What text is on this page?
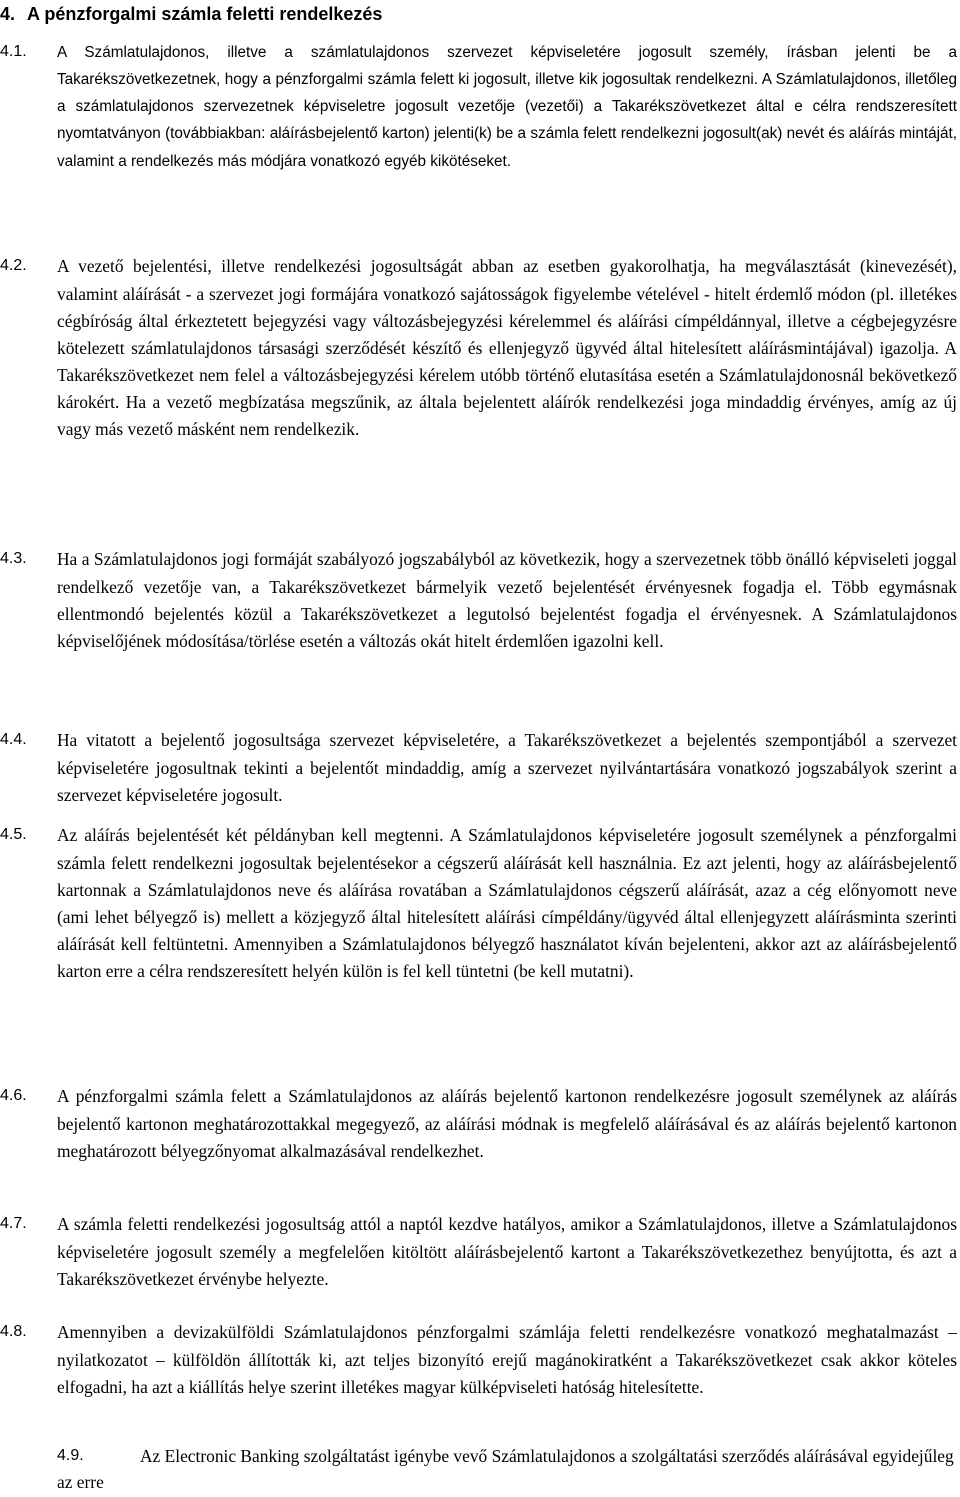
4. A pénzforgalmi számla feletti rendelkezés
4.1. A Számlatulajdonos, illetve a számlatulajdonos szervezet képviseletére jogosult személy, írásban jelenti be a Takarékszövetkezetnek, hogy a pénzforgalmi számla felett ki jogosult, illetve kik jogosultak rendelkezni. A Számlatulajdonos, illetőleg a számlatulajdonos szervezetnek képviseletre jogosult vezetője (vezetői) a Takarékszövetkezet által e célra rendszeresített nyomtatványon (továbbiakban: aláírásbejelentő karton) jelenti(k) be a számla felett rendelkezni jogosult(ak) nevét és aláírás mintáját, valamint a rendelkezés más módjára vonatkozó egyéb kikötéseket.
4.2. A vezető bejelentési, illetve rendelkezési jogosultságát abban az esetben gyakorolhatja, ha megválasztását (kinevezését), valamint aláírását - a szervezet jogi formájára vonatkozó sajátosságok figyelembe vételével - hitelt érdemlő módon (pl. illetékes cégbíróság által érkeztetett bejegyzési vagy változásbejegyzési kérelemmel és aláírási címpéldánnyal, illetve a cégbejegyzésre kötelezett számlatulajdonos társasági szerződését készítő és ellenjegyző ügyvéd által hitelesített aláírásmintájával) igazolja. A Takarékszövetkezet nem felel a változásbejegyzési kérelem utóbb történő elutasítása esetén a Számlatulajdonosnál bekövetkező károkért. Ha a vezető megbízatása megszűnik, az általa bejelentett aláírók rendelkezési joga mindaddig érvényes, amíg az új vagy más vezető másként nem rendelkezik.
4.3. Ha a Számlatulajdonos jogi formáját szabályozó jogszabályból az következik, hogy a szervezetnek több önálló képviseleti joggal rendelkező vezetője van, a Takarékszövetkezet bármelyik vezető bejelentését érvényesnek fogadja el. Több egymásnak ellentmondó bejelentés közül a Takarékszövetkezet a legutolsó bejelentést fogadja el érvényesnek. A Számlatulajdonos képviselőjének módosítása/törlése esetén a változás okát hitelt érdemlően igazolni kell.
4.4. Ha vitatott a bejelentő jogosultsága szervezet képviseletére, a Takarékszövetkezet a bejelentés szempontjából a szervezet képviseletére jogosultnak tekinti a bejelentőt mindaddig, amíg a szervezet nyilvántartására vonatkozó jogszabályok szerint a szervezet képviseletére jogosult.
4.5. Az aláírás bejelentését két példányban kell megtenni. A Számlatulajdonos képviseletére jogosult személynek a pénzforgalmi számla felett rendelkezni jogosultak bejelentésekor a cégszerű aláírását kell használnia. Ez azt jelenti, hogy az aláírásbejelentő kartonnak a Számlatulajdonos neve és aláírása rovatában a Számlatulajdonos cégszerű aláírását, azaz a cég előnyomott neve (ami lehet bélyegző is) mellett a közjegyző által hitelesített aláírási címpéldány/ügyvéd által ellenjegyzett aláírásminta szerinti aláírását kell feltüntetni. Amennyiben a Számlatulajdonos bélyegző használatot kíván bejelenteni, akkor azt az aláírásbejelentő karton erre a célra rendszeresített helyén külön is fel kell tüntetni (be kell mutatni).
4.6. A pénzforgalmi számla felett a Számlatulajdonos az aláírás bejelentő kartonon rendelkezésre jogosult személynek az aláírás bejelentő kartonon meghatározottakkal megegyező, az aláírási módnak is megfelelő aláírásával és az aláírás bejelentő kartonon meghatározott bélyegzőnyomat alkalmazásával rendelkezhet.
4.7. A számla feletti rendelkezési jogosultság attól a naptól kezdve hatályos, amikor a Számlatulajdonos, illetve a Számlatulajdonos képviseletére jogosult személy a megfelelően kitöltött aláírásbejelentő kartont a Takarékszövetkezethez benyújtotta, és azt a Takarékszövetkezet érvénybe helyezte.
4.8. Amennyiben a devizakülföldi Számlatulajdonos pénzforgalmi számlája feletti rendelkezésre vonatkozó meghatalmazást – nyilatkozatot – külföldön állították ki, azt teljes bizonyító erejű magánokiratként a Takarékszövetkezet csak akkor köteles elfogadni, ha azt a kiállítás helye szerint illetékes magyar külképviseleti hatóság hitelesítette.
4.9.	Az Electronic Banking szolgáltatást igénybe vevő Számlatulajdonos a szolgáltatási szerződés aláírásával egyidejűleg az erre
